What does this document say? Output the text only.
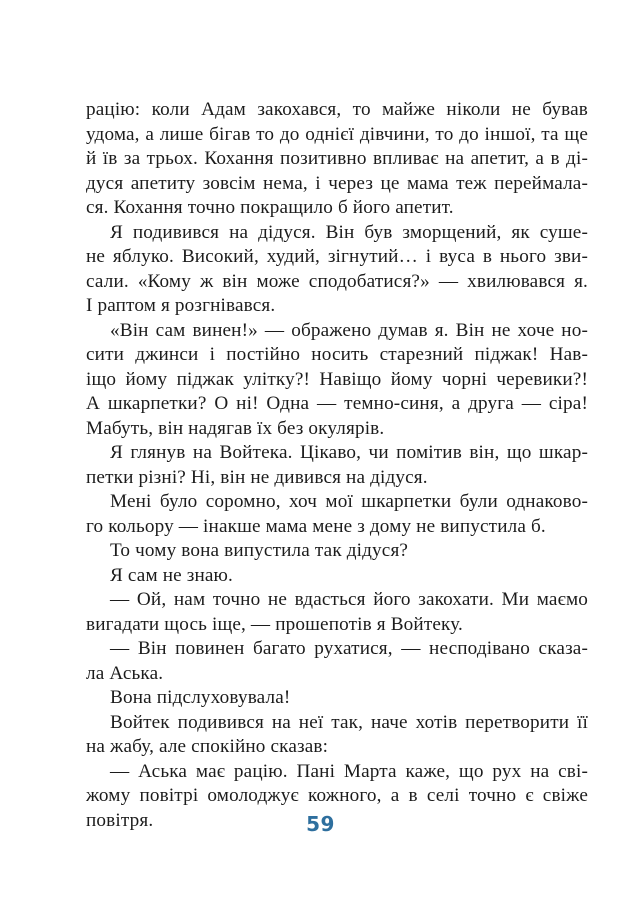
рацію: коли Адам закохався, то майже ніколи не бував
удома, а лише бігав то до однієї дівчини, то до іншої, та ще
й їв за трьох. Кохання позитивно впливає на апетит, а в ді-
дуся апетиту зовсім нема, і через це мама теж переймала-
ся. Кохання точно покращило б його апетит.
Я подивився на дідуся. Він був зморщений, як суше-
не яблуко. Високий, худий, зігнутий… і вуса в нього зви-
сали. «Кому ж він може сподобатися?» — хвилювався я.
І раптом я розгнівався.
«Він сам винен!» — ображено думав я. Він не хоче но-
сити джинси і постійно носить старезний піджак! Нав-
іщо йому піджак улітку?! Навіщо йому чорні черевики?!
А шкарпетки? О ні! Одна — темно-синя, а друга — сіра!
Мабуть, він надягав їх без окулярів.
Я глянув на Войтека. Цікаво, чи помітив він, що шкар-
петки різні? Ні, він не дивився на дідуся.
Мені було соромно, хоч мої шкарпетки були однаково-
го кольору — інакше мама мене з дому не випустила б.
То чому вона випустила так дідуся?
Я сам не знаю.
— Ой, нам точно не вдасться його закохати. Ми маємо
вигадати щось іще, — прошепотів я Войтеку.
— Він повинен багато рухатися, — несподівано сказа-
ла Аська.
Вона підслуховувала!
Войтек подивився на неї так, наче хотів перетворити її
на жабу, але спокійно сказав:
— Аська має рацію. Пані Марта каже, що рух на сві-
жому повітрі омолоджує кожного, а в селі точно є свіже
повітря.	59
